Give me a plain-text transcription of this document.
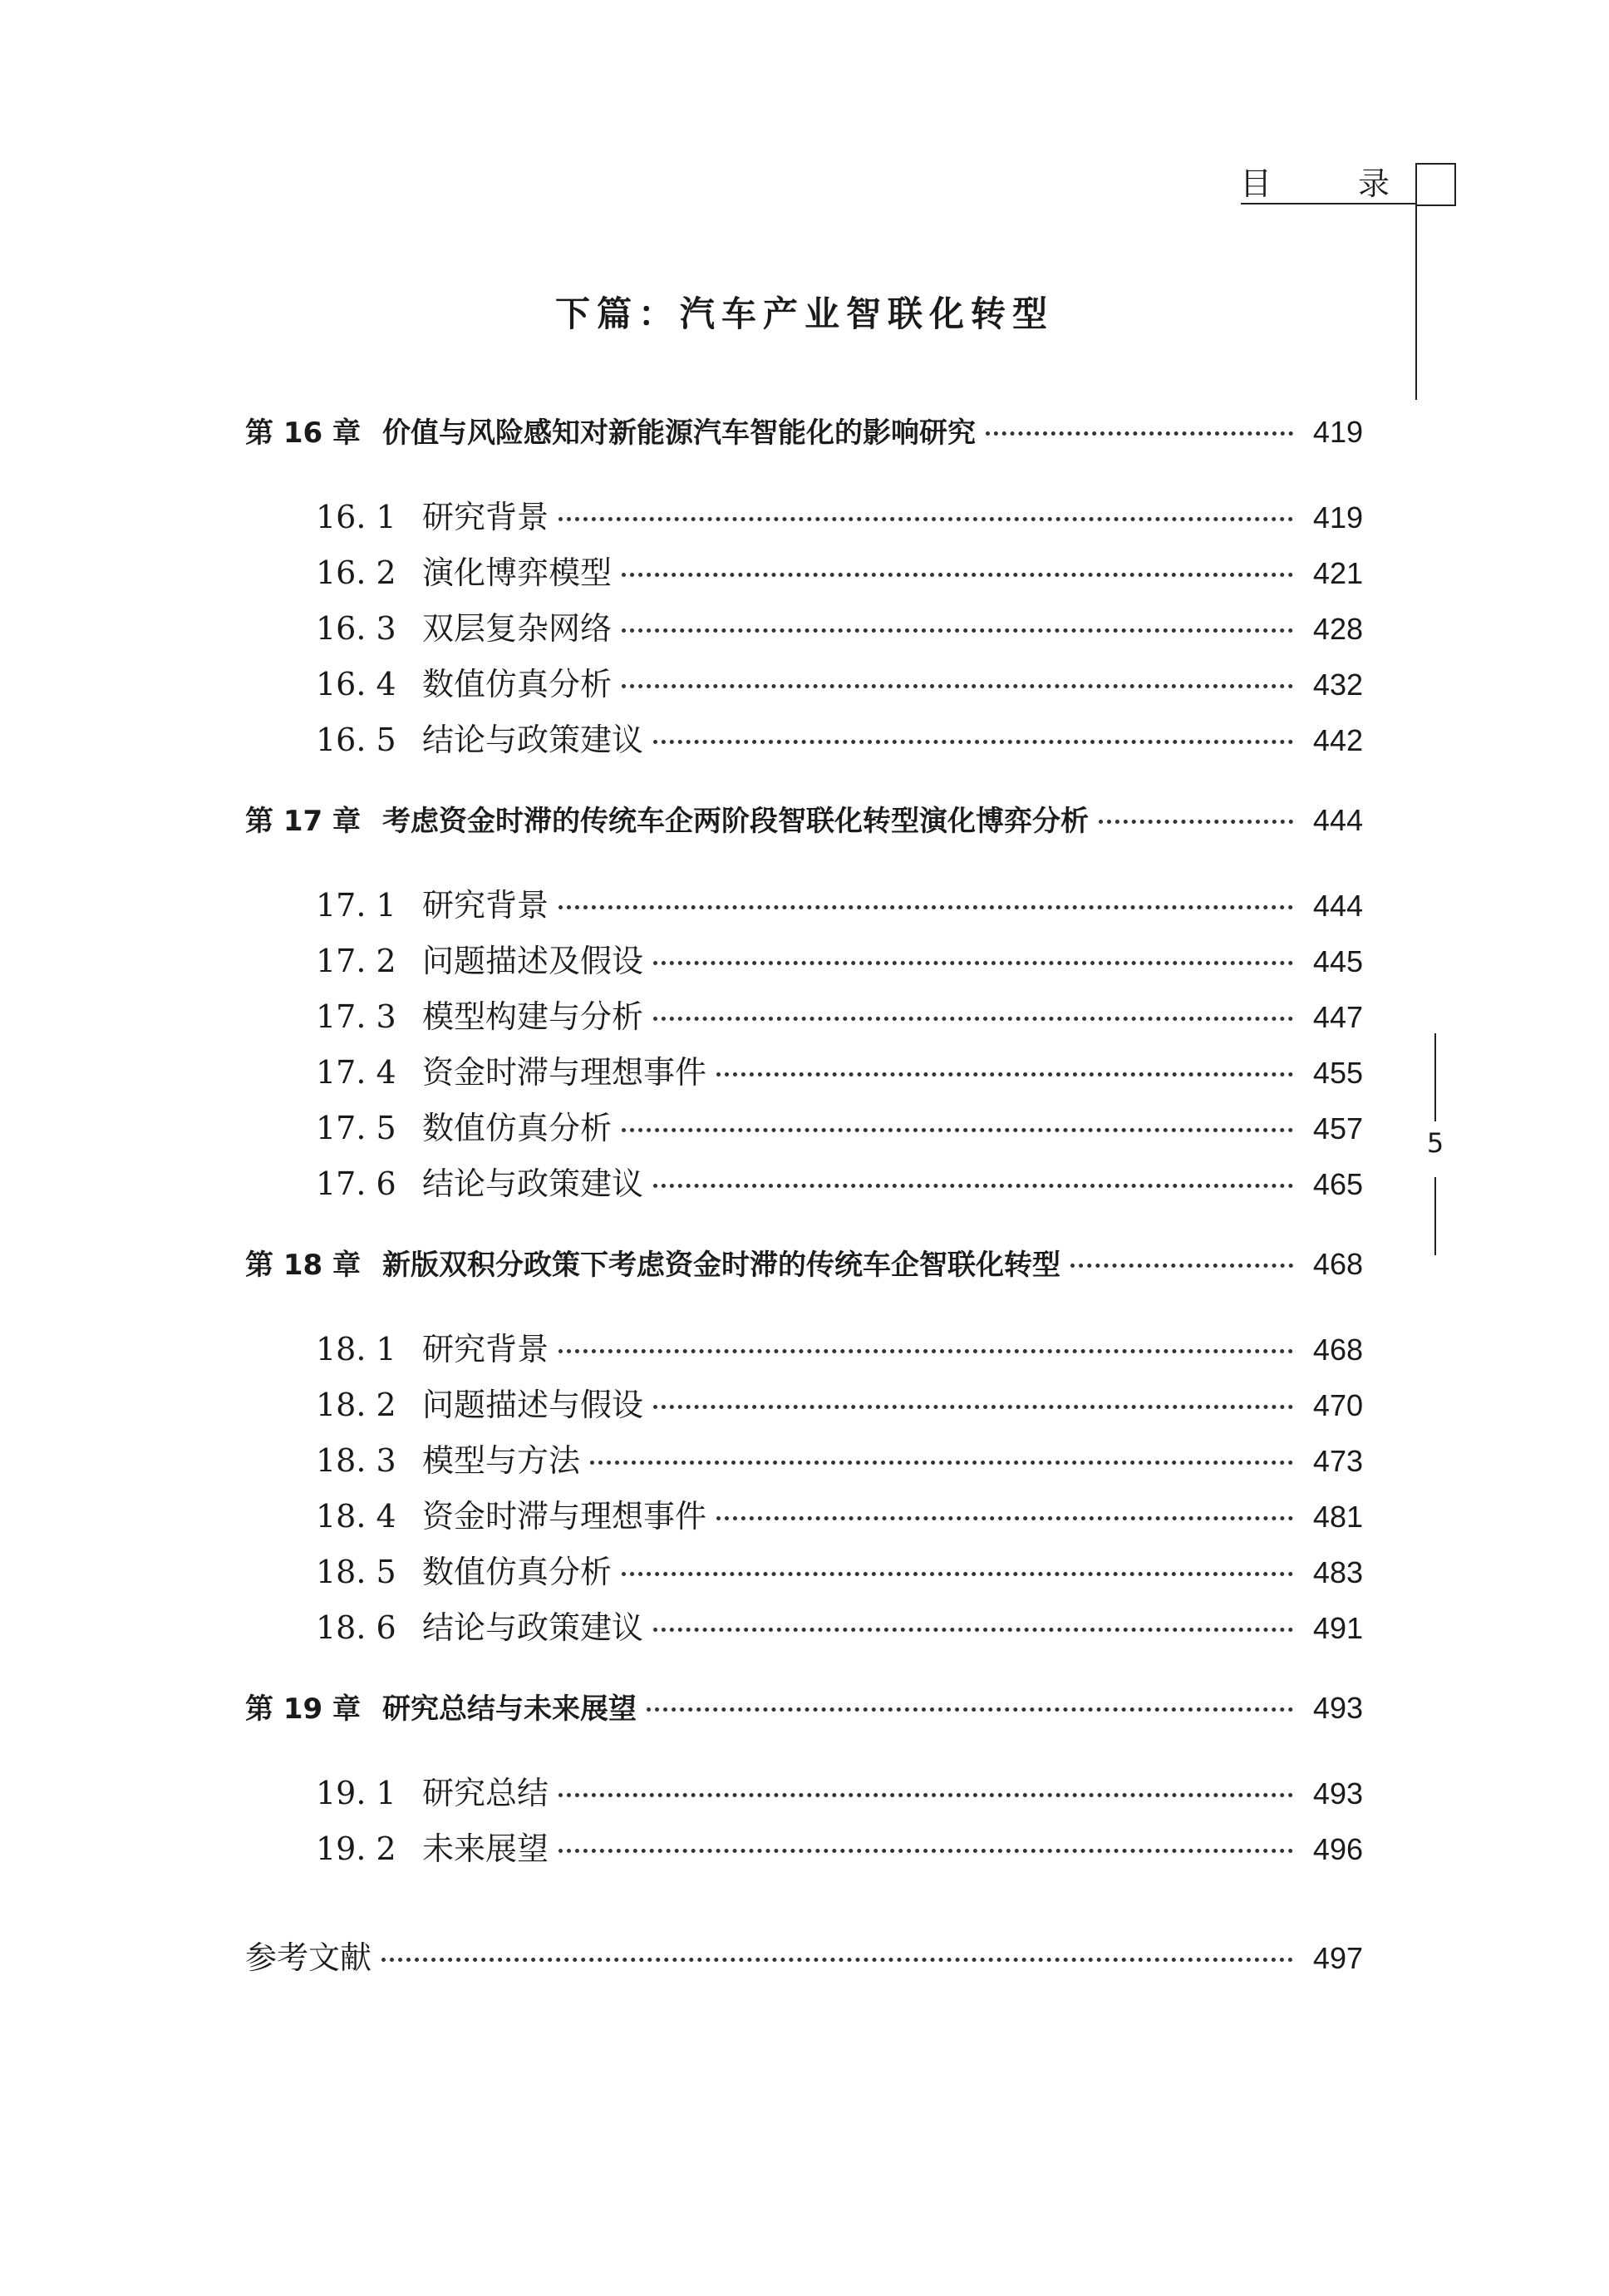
目	录
5
下篇：汽车产业智联化转型
第 16 章 价值与风险感知对新能源汽车智能化的影响研究	419
16. 1 研究背景	419
16. 2 演化博弈模型	421
16. 3 双层复杂网络	428
16. 4 数值仿真分析	432
16. 5 结论与政策建议	442
第 17 章 考虑资金时滞的传统车企两阶段智联化转型演化博弈分析	444
17. 1 研究背景	444
17. 2 问题描述及假设	445
17. 3 模型构建与分析	447
17. 4 资金时滞与理想事件	455
17. 5 数值仿真分析	457
17. 6 结论与政策建议	465
第 18 章 新版双积分政策下考虑资金时滞的传统车企智联化转型	468
18. 1 研究背景	468
18. 2 问题描述与假设	470
18. 3 模型与方法	473
18. 4 资金时滞与理想事件	481
18. 5 数值仿真分析	483
18. 6 结论与政策建议	491
第 19 章 研究总结与未来展望	493
19. 1 研究总结	493
19. 2 未来展望	496
参考文献	497
